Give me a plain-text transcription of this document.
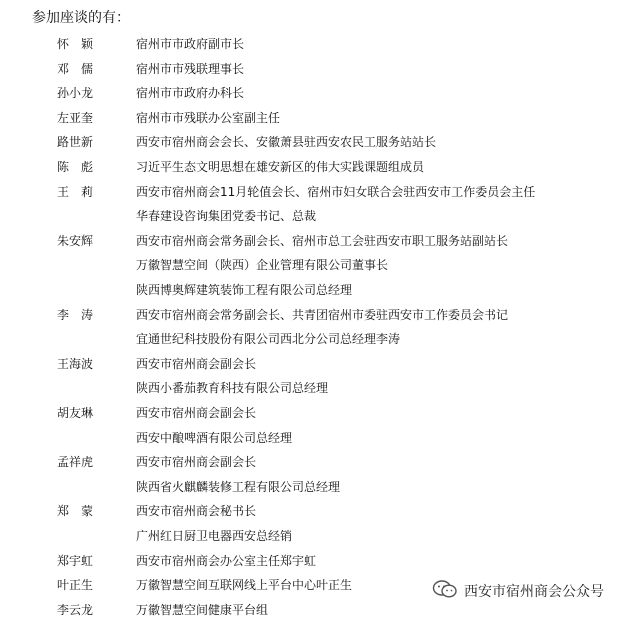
参加座谈的有：
怀　颖	宿州市市政府副市长
邓　儒	宿州市市残联理事长
孙小龙	宿州市市政府办科长
左亚奎	宿州市市残联办公室副主任
路世新	西安市宿州商会会长、安徽萧县驻西安农民工服务站站长
陈　彪	习近平生态文明思想在雄安新区的伟大实践课题组成员
王　莉	西安市宿州商会11月轮值会长、宿州市妇女联合会驻西安市工作委员会主任
华春建设咨询集团党委书记、总裁
朱安辉	西安市宿州商会常务副会长、宿州市总工会驻西安市职工服务站副站长
万徽智慧空间（陕西）企业管理有限公司董事长
陕西博奥辉建筑装饰工程有限公司总经理
李　涛	西安市宿州商会常务副会长、共青团宿州市委驻西安市工作委员会书记
宜通世纪科技股份有限公司西北分公司总经理李涛
王海波	西安市宿州商会副会长
陕西小番茄教育科技有限公司总经理
胡友琳	西安市宿州商会副会长
西安中酿啤酒有限公司总经理
孟祥虎	西安市宿州商会副会长
陕西省火麒麟装修工程有限公司总经理
郑　蒙	西安市宿州商会秘书长
广州红日厨卫电器西安总经销
郑宇虹	西安市宿州商会办公室主任郑宇虹
叶正生	万徽智慧空间互联网线上平台中心叶正生
李云龙	万徽智慧空间健康平台组
西安市宿州商会公众号
